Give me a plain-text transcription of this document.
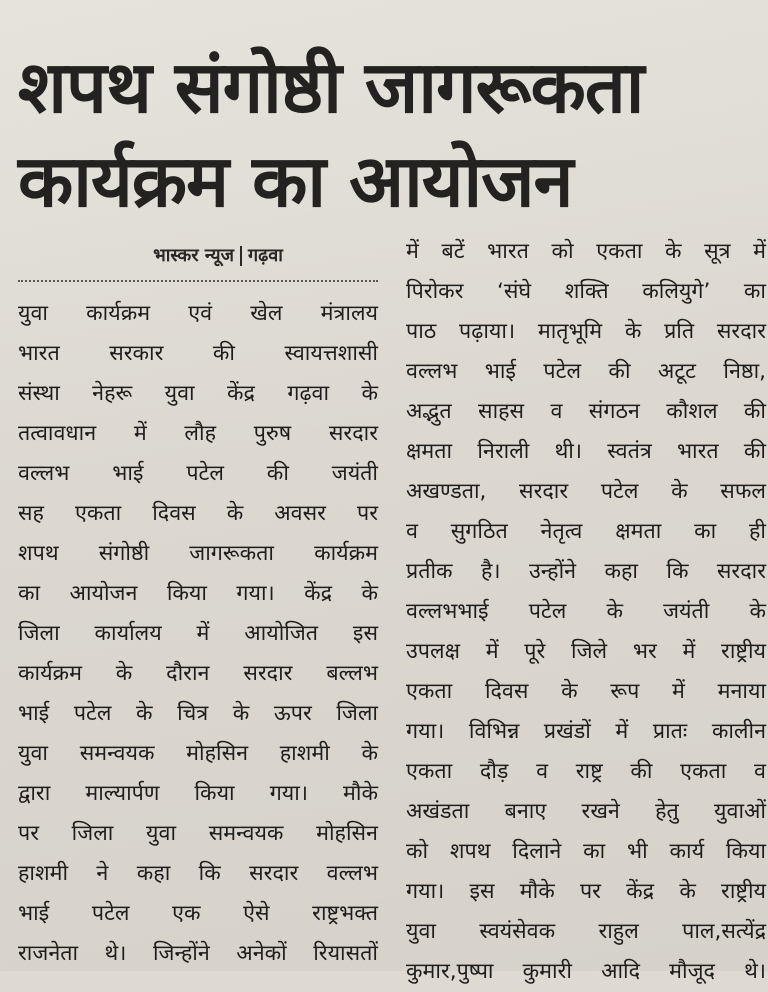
शपथ संगोष्ठी जागरूकता
कार्यक्रम का आयोजन
भास्कर न्यूज गढ़वा
युवा कार्यक्रम एवं खेल मंत्रालय
भारत सरकार की स्वायत्तशासी
संस्था नेहरू युवा केंद्र गढ़वा के
तत्वावधान में लौह पुरुष सरदार
वल्लभ भाई पटेल की जयंती
सह एकता दिवस के अवसर पर
शपथ संगोष्ठी जागरूकता कार्यक्रम
का आयोजन किया गया। केंद्र के
जिला कार्यालय में आयोजित इस
कार्यक्रम के दौरान सरदार बल्लभ
भाई पटेल के चित्र के ऊपर जिला
युवा समन्वयक मोहसिन हाशमी के
द्वारा माल्यार्पण किया गया। मौके
पर जिला युवा समन्वयक मोहसिन
हाशमी ने कहा कि सरदार वल्लभ
भाई पटेल एक ऐसे राष्ट्रभक्त
राजनेता थे। जिन्होंने अनेकों रियासतों
में बटें भारत को एकता के सूत्र में
पिरोकर ‘संघे शक्ति कलियुगे’ का
पाठ पढ़ाया। मातृभूमि के प्रति सरदार
वल्लभ भाई पटेल की अटूट निष्ठा,
अद्भुत साहस व संगठन कौशल की
क्षमता निराली थी। स्वतंत्र भारत की
अखण्डता, सरदार पटेल के सफल
व सुगठित नेतृत्व क्षमता का ही
प्रतीक है। उन्होंने कहा कि सरदार
वल्लभभाई पटेल के जयंती के
उपलक्ष में पूरे जिले भर में राष्ट्रीय
एकता दिवस के रूप में मनाया
गया। विभिन्न प्रखंडों में प्रातः कालीन
एकता दौड़ व राष्ट्र की एकता व
अखंडता बनाए रखने हेतु युवाओं
को शपथ दिलाने का भी कार्य किया
गया। इस मौके पर केंद्र के राष्ट्रीय
युवा स्वयंसेवक राहुल पाल,सत्येंद्र
कुमार,पुष्पा कुमारी आदि मौजूद थे।
